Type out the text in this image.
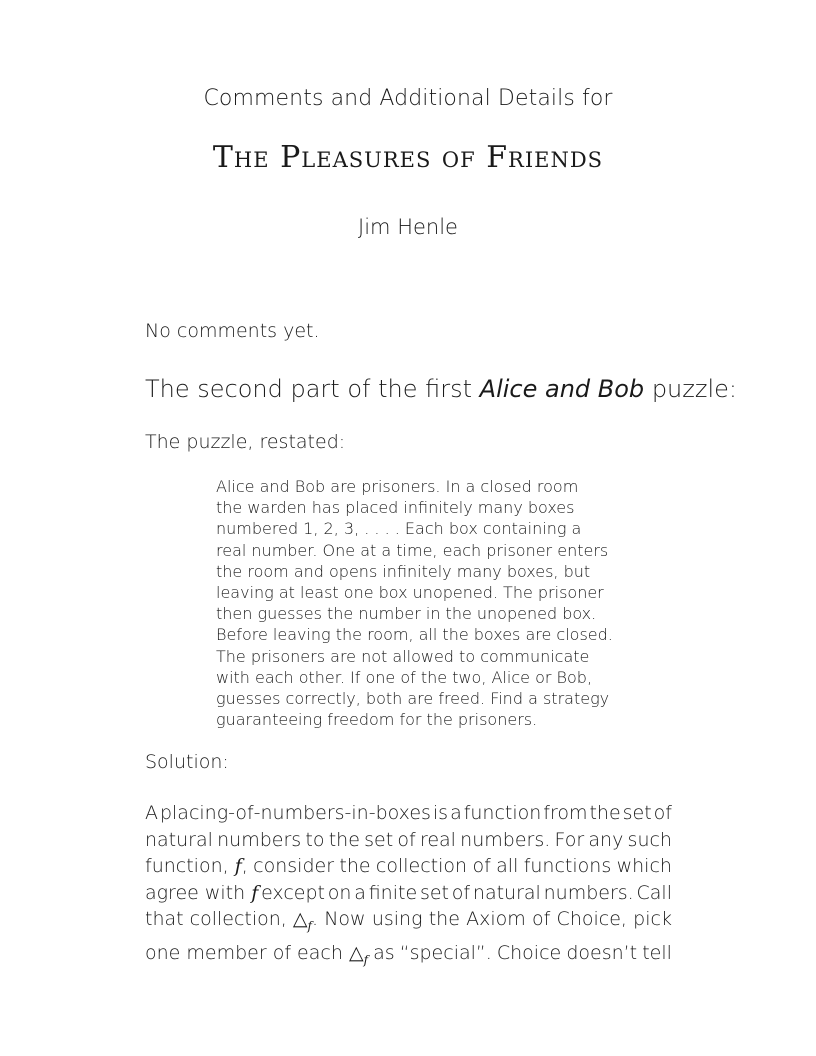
Comments and Additional Details for
The Pleasures of Friends
Jim Henle
No comments yet.
The second part of the first Alice and Bob puzzle:
The puzzle, restated:
Alice and Bob are prisoners. In a closed room
the warden has placed infinitely many boxes
numbered 1, 2, 3, . . . . Each box containing a
real number. One at a time, each prisoner enters
the room and opens infinitely many boxes, but
leaving at least one box unopened. The prisoner
then guesses the number in the unopened box.
Before leaving the room, all the boxes are closed.
The prisoners are not allowed to communicate
with each other. If one of the two, Alice or Bob,
guesses correctly, both are freed. Find a strategy
guaranteeing freedom for the prisoners.
Solution:
A placing-of-numbers-in-boxes is a function from the set of
natural numbers to the set of real numbers. For any such
function, f, consider the collection of all functions which
agree with f except on a finite set of natural numbers. Call
that collection, △f. Now using the Axiom of Choice, pick
one member of each △f as “special”. Choice doesn’t tell
